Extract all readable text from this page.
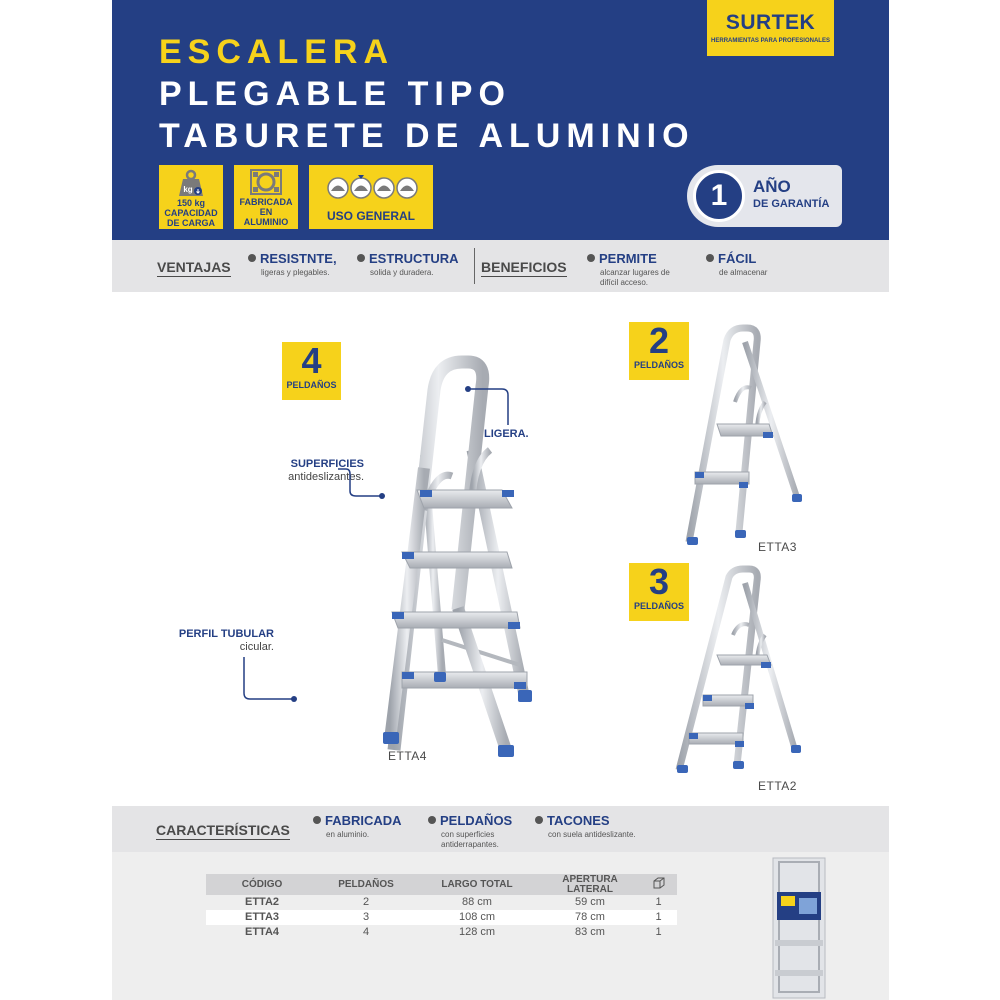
ESCALERA
PLEGABLE TIPO
TABURETE DE ALUMINIO
SURTEK
HERRAMIENTAS PARA PROFESIONALES
kg
150 kg
CAPACIDAD
DE CARGA
FABRICADA
EN
ALUMINIO	USO GENERAL
1	AÑO
DE GARANTÍA
VENTAJAS
RESISTNTE,
ligeras y plegables.
ESTRUCTURA
solida y duradera.	BENEFICIOS
PERMITE
alcanzar lugares de
difícil acceso.
FÁCIL
de almacenar
4
PELDAÑOS
ETTA4
LIGERA.
SUPERFICIES
antideslizantes.
PERFIL TUBULAR
cicular.
2
PELDAÑOS
ETTA3
3
PELDAÑOS
ETTA2
CARACTERÍSTICAS
FABRICADA
en aluminio.
PELDAÑOS
con superficies
antiderrapantes.
TACONES
con suela antideslizante.
CÓDIGO	PELDAÑOS	LARGO TOTAL	APERTURA LATERAL	
ETTA2	2	88 cm	59 cm	1
ETTA3	3	108 cm	78 cm	1
ETTA4	4	128 cm	83 cm	1
